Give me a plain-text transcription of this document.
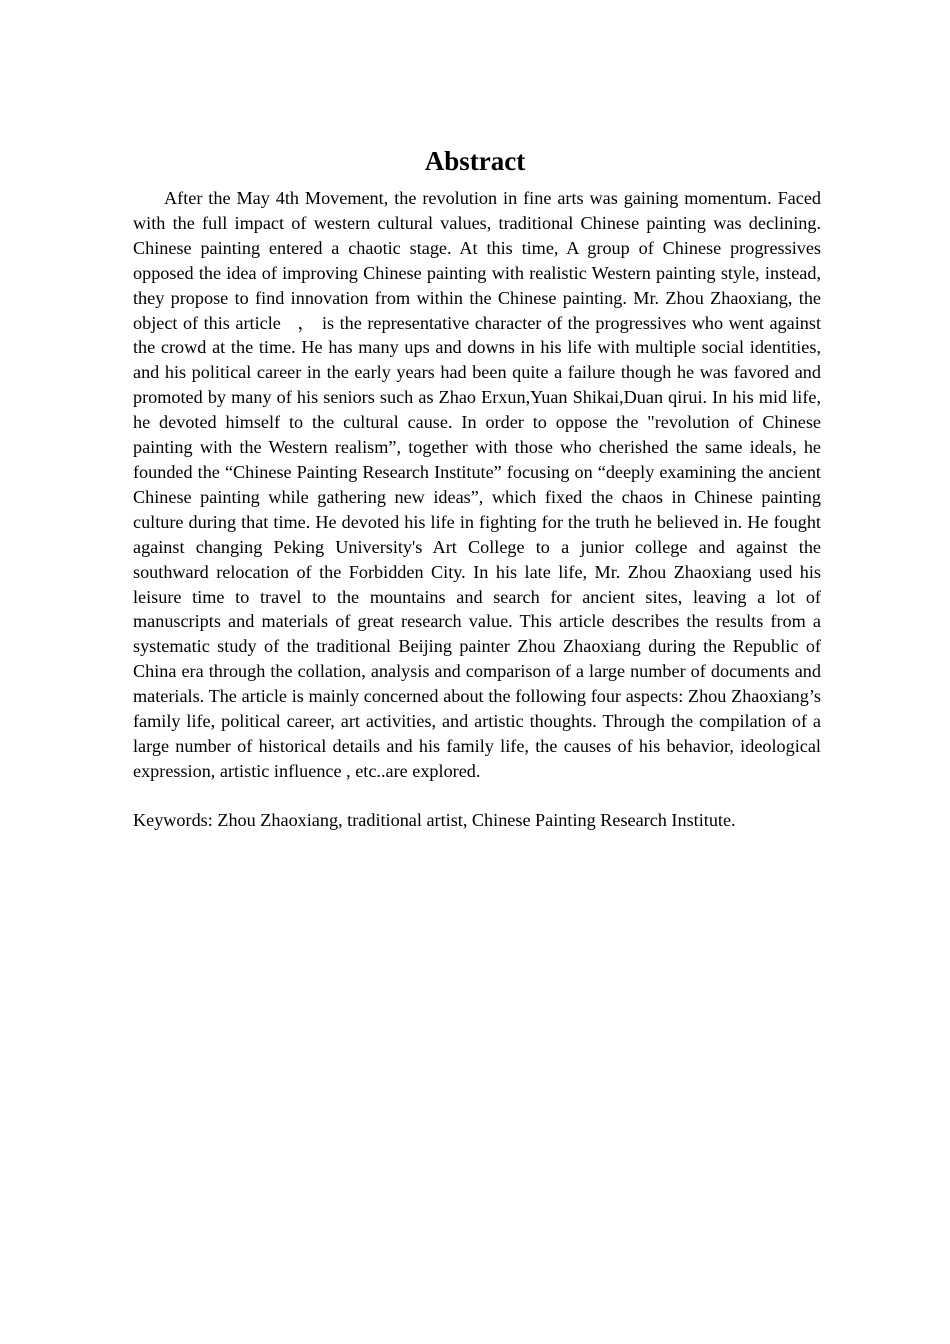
Abstract

After the May 4th Movement, the revolution in fine arts was gaining momentum. Faced with the full impact of western cultural values, traditional Chinese painting was declining. Chinese painting entered a chaotic stage. At this time, A group of Chinese progressives opposed the idea of improving Chinese painting with realistic Western painting style, instead, they propose to find innovation from within the Chinese painting. Mr. Zhou Zhaoxiang, the object of this article   ， is the representative character of the progressives who went against the crowd at the time. He has many ups and downs in his life with multiple social identities, and his political career in the early years had been quite a failure though he was favored and promoted by many of his seniors such as Zhao Erxun,Yuan Shikai,Duan qirui. In his mid life, he devoted himself to the cultural cause. In order to oppose the "revolution of Chinese painting with the Western realism”, together with those who cherished the same ideals, he founded the “Chinese Painting Research Institute” focusing on “deeply examining the ancient Chinese painting while gathering new ideas”, which fixed the chaos in Chinese painting culture during that time. He devoted his life in fighting for the truth he believed in. He fought against changing Peking University's Art College to a junior college and against the southward relocation of the Forbidden City. In his late life, Mr. Zhou Zhaoxiang used his leisure time to travel to the mountains and search for ancient sites, leaving a lot of manuscripts and materials of great research value. This article describes the results from a systematic study of the traditional Beijing painter Zhou Zhaoxiang during the Republic of China era through the collation, analysis and comparison of a large number of documents and materials. The article is mainly concerned about the following four aspects: Zhou Zhaoxiang’s family life, political career, art activities, and artistic thoughts. Through the compilation of a large number of historical details and his family life, the causes of his behavior, ideological expression, artistic influence , etc..are explored.

Keywords: Zhou Zhaoxiang, traditional artist, Chinese Painting Research Institute.
